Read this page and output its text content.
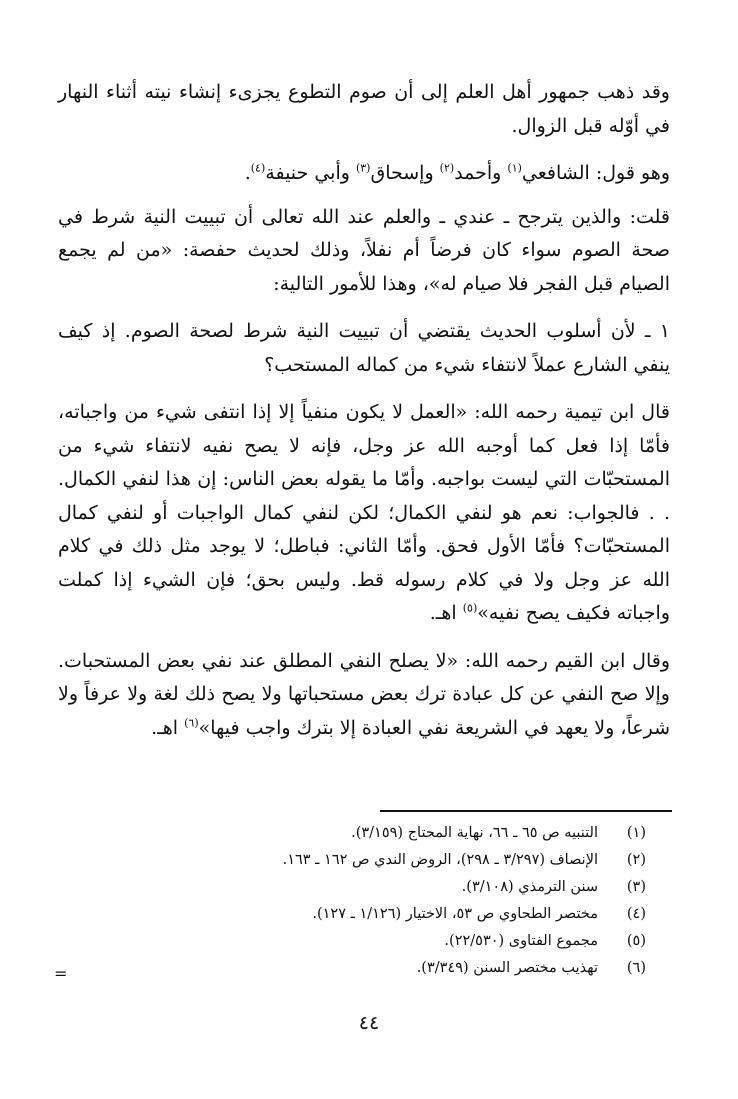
وقد ذهب جمهور أهل العلم إلى أن صوم التطوع يجزىء إنشاء نيته أثناء النهار في أوّله قبل الزوال.

وهو قول: الشافعي$^{(١)}$ وأحمد$^{(٢)}$ وإسحاق$^{(٣)}$ وأبي حنيفة$^{(٤)}$.

قلت: والذين يترجح ـ عندي ـ والعلم عند الله تعالى أن تبييت النية شرط في صحة الصوم سواء كان فرضاً أم نفلاً، وذلك لحديث حفصة: «من لم يجمع الصيام قبل الفجر فلا صيام له»، وهذا للأمور التالية:

١ ـ لأن أسلوب الحديث يقتضي أن تبييت النية شرط لصحة الصوم. إذ كيف ينفي الشارع عملاً لانتفاء شيء من كماله المستحب؟

قال ابن تيمية رحمه الله: «العمل لا يكون منفياً إلا إذا انتفى شيء من واجباته، فأمّا إذا فعل كما أوجبه الله عز وجل، فإنه لا يصح نفيه لانتفاء شيء من المستحبّات التي ليست بواجبه. وأمّا ما يقوله بعض الناس: إن هذا لنفي الكمال. . . فالجواب: نعم هو لنفي الكمال؛ لكن لنفي كمال الواجبات أو لنفي كمال المستحبّات؟ فأمّا الأول فحق. وأمّا الثاني: فباطل؛ لا يوجد مثل ذلك في كلام الله عز وجل ولا في كلام رسوله قط. وليس بحق؛ فإن الشيء إذا كملت واجباته فكيف يصح نفيه»$^{(٥)}$ اهـ.

وقال ابن القيم رحمه الله: «لا يصلح النفي المطلق عند نفي بعض المستحبات. وإلا صح النفي عن كل عبادة ترك بعض مستحباتها ولا يصح ذلك لغة ولا عرفاً ولا شرعاً، ولا يعهد في الشريعة نفي العبادة إلا بترك واجب فيها»$^{(٦)}$ اهـ.

(١)
التنبيه ص ٦٥ ـ ٦٦، نهاية المحتاج (٣/١٥٩).
(٢)
الإنصاف (٣/٢٩٧ ـ ٢٩٨)، الروض الندي ص ١٦٢ ـ ١٦٣.
(٣)
سنن الترمذي (٣/١٠٨).
(٤)
مختصر الطحاوي ص ٥٣، الاختيار (١/١٢٦ ـ ١٢٧).
(٥)
مجموع الفتاوى (٢٢/٥٣٠).
(٦)
تهذيب مختصر السنن (٣/٣٤٩).
=
٤٤
